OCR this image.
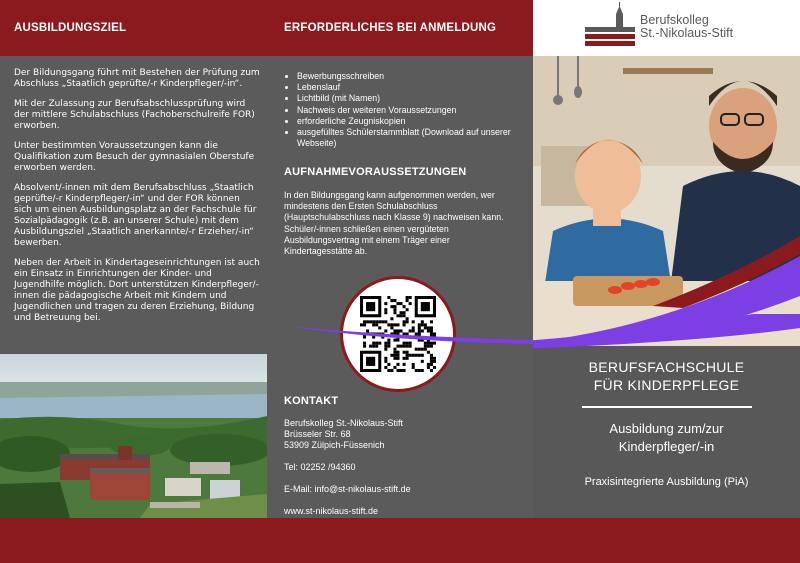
AUSBILDUNGSZIEL	ERFORDERLICHES BEI ANMELDUNG

Der Bildungsgang führt mit Bestehen der Prüfung zum Abschluss „Staatlich geprüfte/-r Kinderpfleger/-in“.

Mit der Zulassung zur Berufsabschlussprüfung wird der mittlere Schulabschluss (Fachoberschulreife FOR) erworben.

Unter bestimmten Voraussetzungen kann die Qualifikation zum Besuch der gymnasialen Oberstufe erworben werden.

Absolvent/-innen mit dem Berufsabschluss „Staatlich geprüfte/-r Kinderpfleger/-in“ und der FOR können sich um einen Ausbildungsplatz an der Fachschule für Sozialpädagogik (z.B. an unserer Schule) mit dem Ausbildungsziel „Staatlich anerkannte/-r Erzieher/-in“ bewerben.

Neben der Arbeit in Kindertageseinrichtungen ist auch ein Einsatz in Einrichtungen der Kinder- und Jugendhilfe möglich. Dort unterstützen Kinderpfleger/-innen die pädagogische Arbeit mit Kindern und Jugendlichen und tragen zu deren Erziehung, Bildung und Betreuung bei.

• Bewerbungsschreiben
• Lebenslauf
• Lichtbild (mit Namen)
• Nachweis der weiteren Voraussetzungen
• erforderliche Zeugniskopien
• ausgefülltes Schülerstammblatt (Download auf unserer Webseite)
AUFNAHMEVORAUSSETZUNGEN
In den Bildungsgang kann aufgenommen werden, wer mindestens den Ersten Schulabschluss (Hauptschulabschluss nach Klasse 9) nachweisen kann. Schüler/-innen schließen einen vergüteten Ausbildungsvertrag mit einem Träger einer Kindertagesstätte ab.
KONTAKT
Berufskolleg St.-Nikolaus-Stift
Brüsseler Str. 68
53909 Zülpich-Füssenich
Tel: 02252 /94360
E-Mail: info@st-nikolaus-stift.de
www.st-nikolaus-stift.de
Berufskolleg
St.-Nikolaus-Stift
BERUFSFACHSCHULE
FÜR KINDERPFLEGE
Ausbildung zum/zur
Kinderpfleger/-in
Praxisintegrierte Ausbildung (PiA)
